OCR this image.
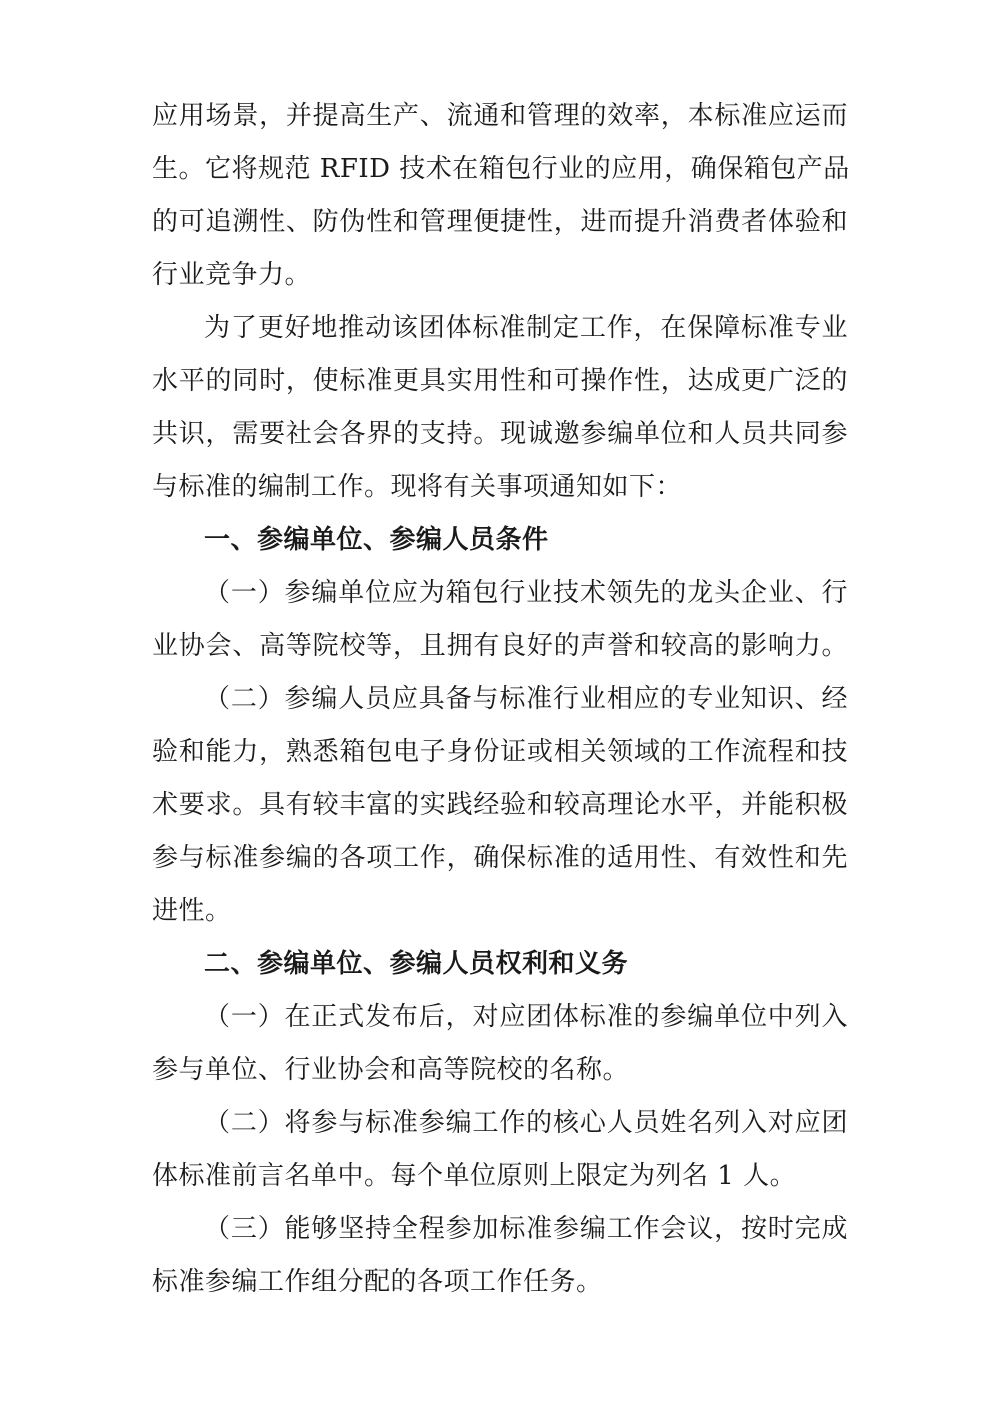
应用场景，并提高生产、流通和管理的效率，本标准应运而
生。它将规范 RFID 技术在箱包行业的应用，确保箱包产品
的可追溯性、防伪性和管理便捷性，进而提升消费者体验和
行业竞争力。
为了更好地推动该团体标准制定工作，在保障标准专业
水平的同时，使标准更具实用性和可操作性，达成更广泛的
共识，需要社会各界的支持。现诚邀参编单位和人员共同参
与标准的编制工作。现将有关事项通知如下：
一、参编单位、参编人员条件
（一）参编单位应为箱包行业技术领先的龙头企业、行
业协会、高等院校等，且拥有良好的声誉和较高的影响力。
（二）参编人员应具备与标准行业相应的专业知识、经
验和能力，熟悉箱包电子身份证或相关领域的工作流程和技
术要求。具有较丰富的实践经验和较高理论水平，并能积极
参与标准参编的各项工作，确保标准的适用性、有效性和先
进性。
二、参编单位、参编人员权利和义务
（一）在正式发布后，对应团体标准的参编单位中列入
参与单位、行业协会和高等院校的名称。
（二）将参与标准参编工作的核心人员姓名列入对应团
体标准前言名单中。每个单位原则上限定为列名 1 人。
（三）能够坚持全程参加标准参编工作会议，按时完成
标准参编工作组分配的各项工作任务。
